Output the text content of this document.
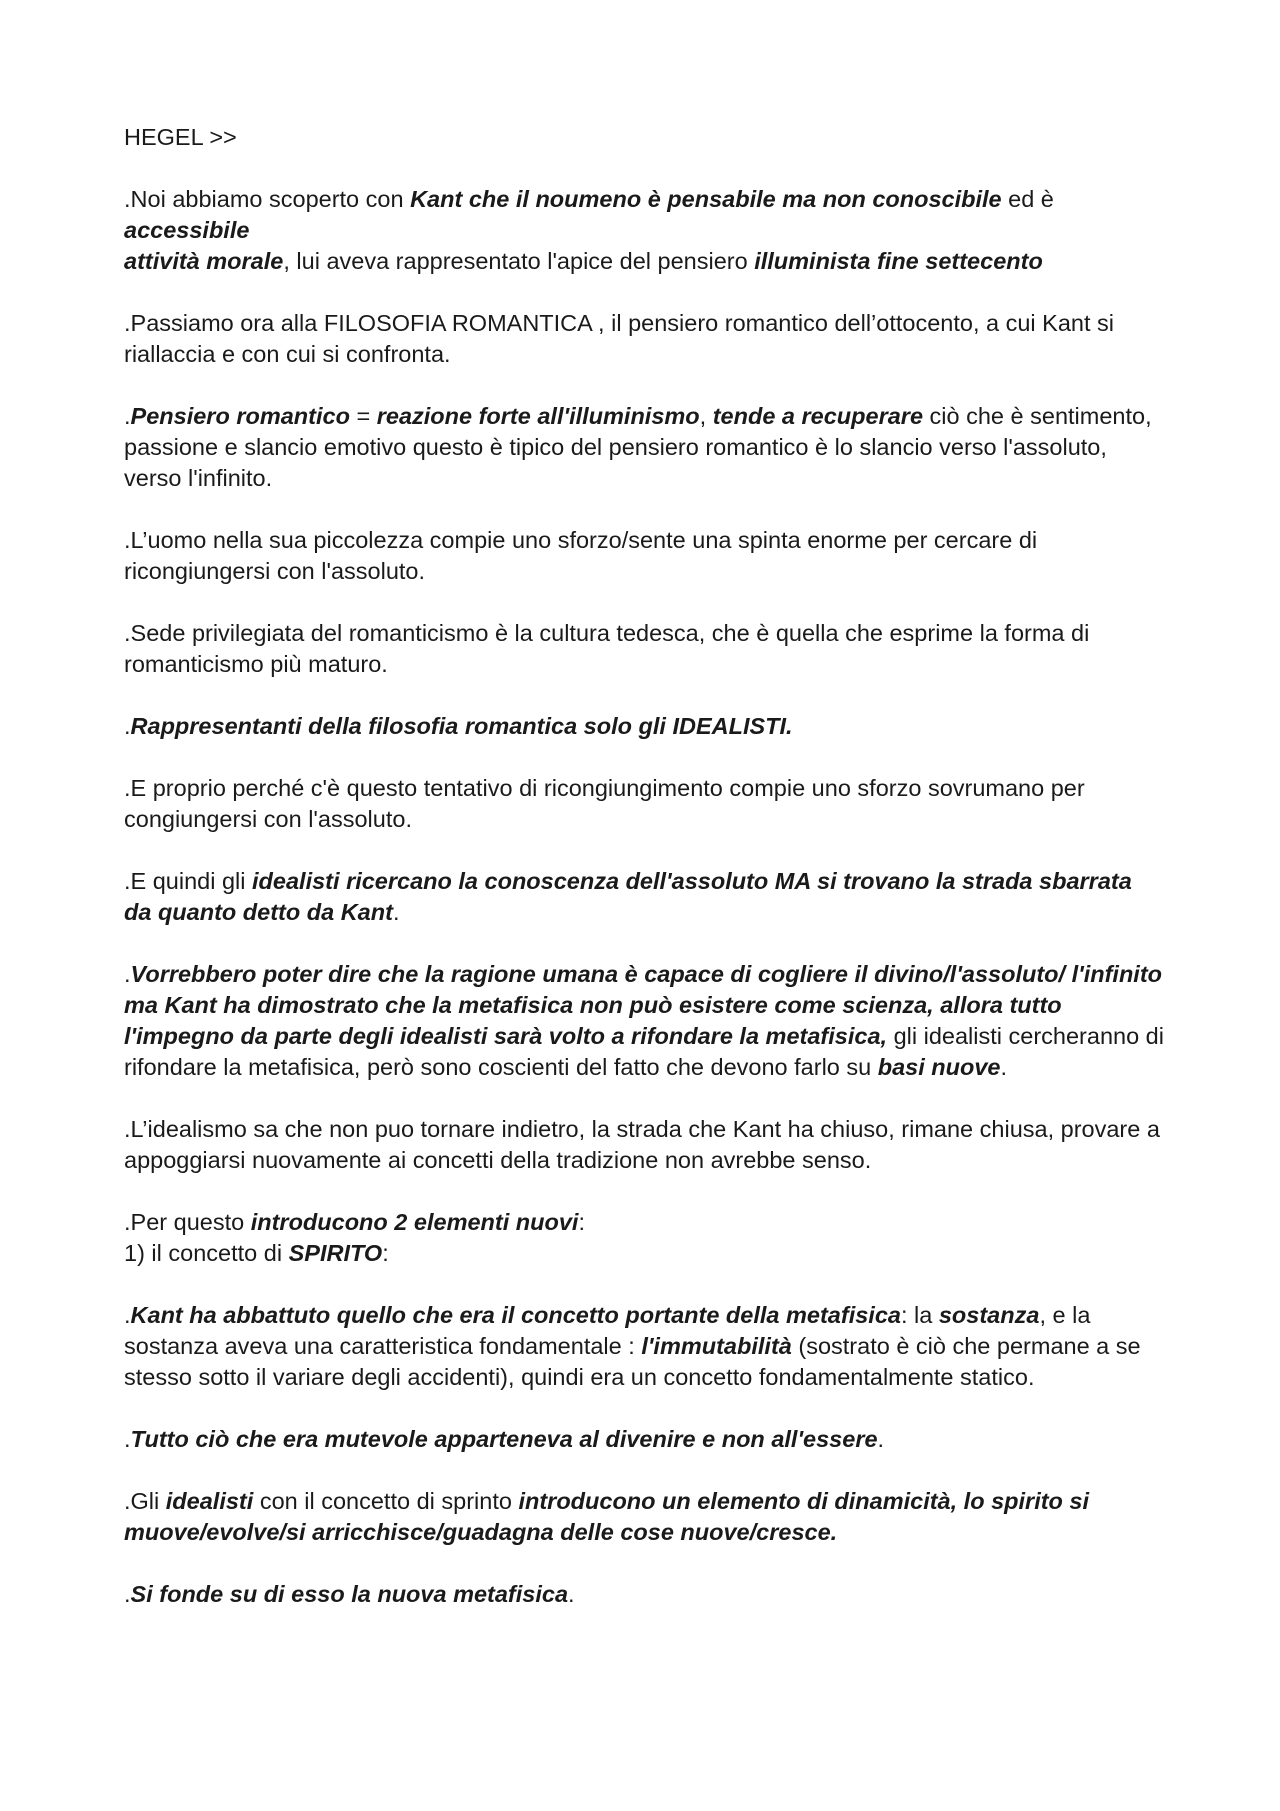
HEGEL >>

.Noi abbiamo scoperto con Kant che il noumeno è pensabile ma non conoscibile ed è accessibile
attività morale, lui aveva rappresentato l'apice del pensiero illuminista fine settecento

.Passiamo ora alla FILOSOFIA ROMANTICA , il pensiero romantico dell’ottocento, a cui Kant si riallaccia e con cui si confronta.

.Pensiero romantico = reazione forte all'illuminismo, tende a recuperare ciò che è sentimento, passione e slancio emotivo questo è tipico del pensiero romantico è lo slancio verso l'assoluto, verso l'infinito.

.L’uomo nella sua piccolezza compie uno sforzo/sente una spinta enorme per cercare di ricongiungersi con l'assoluto.

.Sede privilegiata del romanticismo è la cultura tedesca, che è quella che esprime la forma di romanticismo più maturo.

.Rappresentanti della filosofia romantica solo gli IDEALISTI.

.E proprio perché c'è questo tentativo di ricongiungimento compie uno sforzo sovrumano per congiungersi con l'assoluto.

.E quindi gli idealisti ricercano la conoscenza dell'assoluto MA si trovano la strada sbarrata da quanto detto da Kant.

.Vorrebbero poter dire che la ragione umana è capace di cogliere il divino/l'assoluto/ l'infinito ma Kant ha dimostrato che la metafisica non può esistere come scienza, allora tutto l'impegno da parte degli idealisti sarà volto a rifondare la metafisica, gli idealisti cercheranno di rifondare la metafisica, però sono coscienti del fatto che devono farlo su basi nuove.

.L’idealismo sa che non puo tornare indietro, la strada che Kant ha chiuso, rimane chiusa, provare a appoggiarsi nuovamente ai concetti della tradizione non avrebbe senso.

.Per questo introducono 2 elementi nuovi:

1) il concetto di SPIRITO:

.Kant ha abbattuto quello che era il concetto portante della metafisica: la sostanza, e la sostanza aveva una caratteristica fondamentale : l'immutabilità (sostrato è ciò che permane a se stesso sotto il variare degli accidenti), quindi era un concetto fondamentalmente statico.

.Tutto ciò che era mutevole apparteneva al divenire e non all'essere.

.Gli idealisti con il concetto di sprinto introducono un elemento di dinamicità, lo spirito si muove/evolve/si arricchisce/guadagna delle cose nuove/cresce.

.Si fonde su di esso la nuova metafisica.
